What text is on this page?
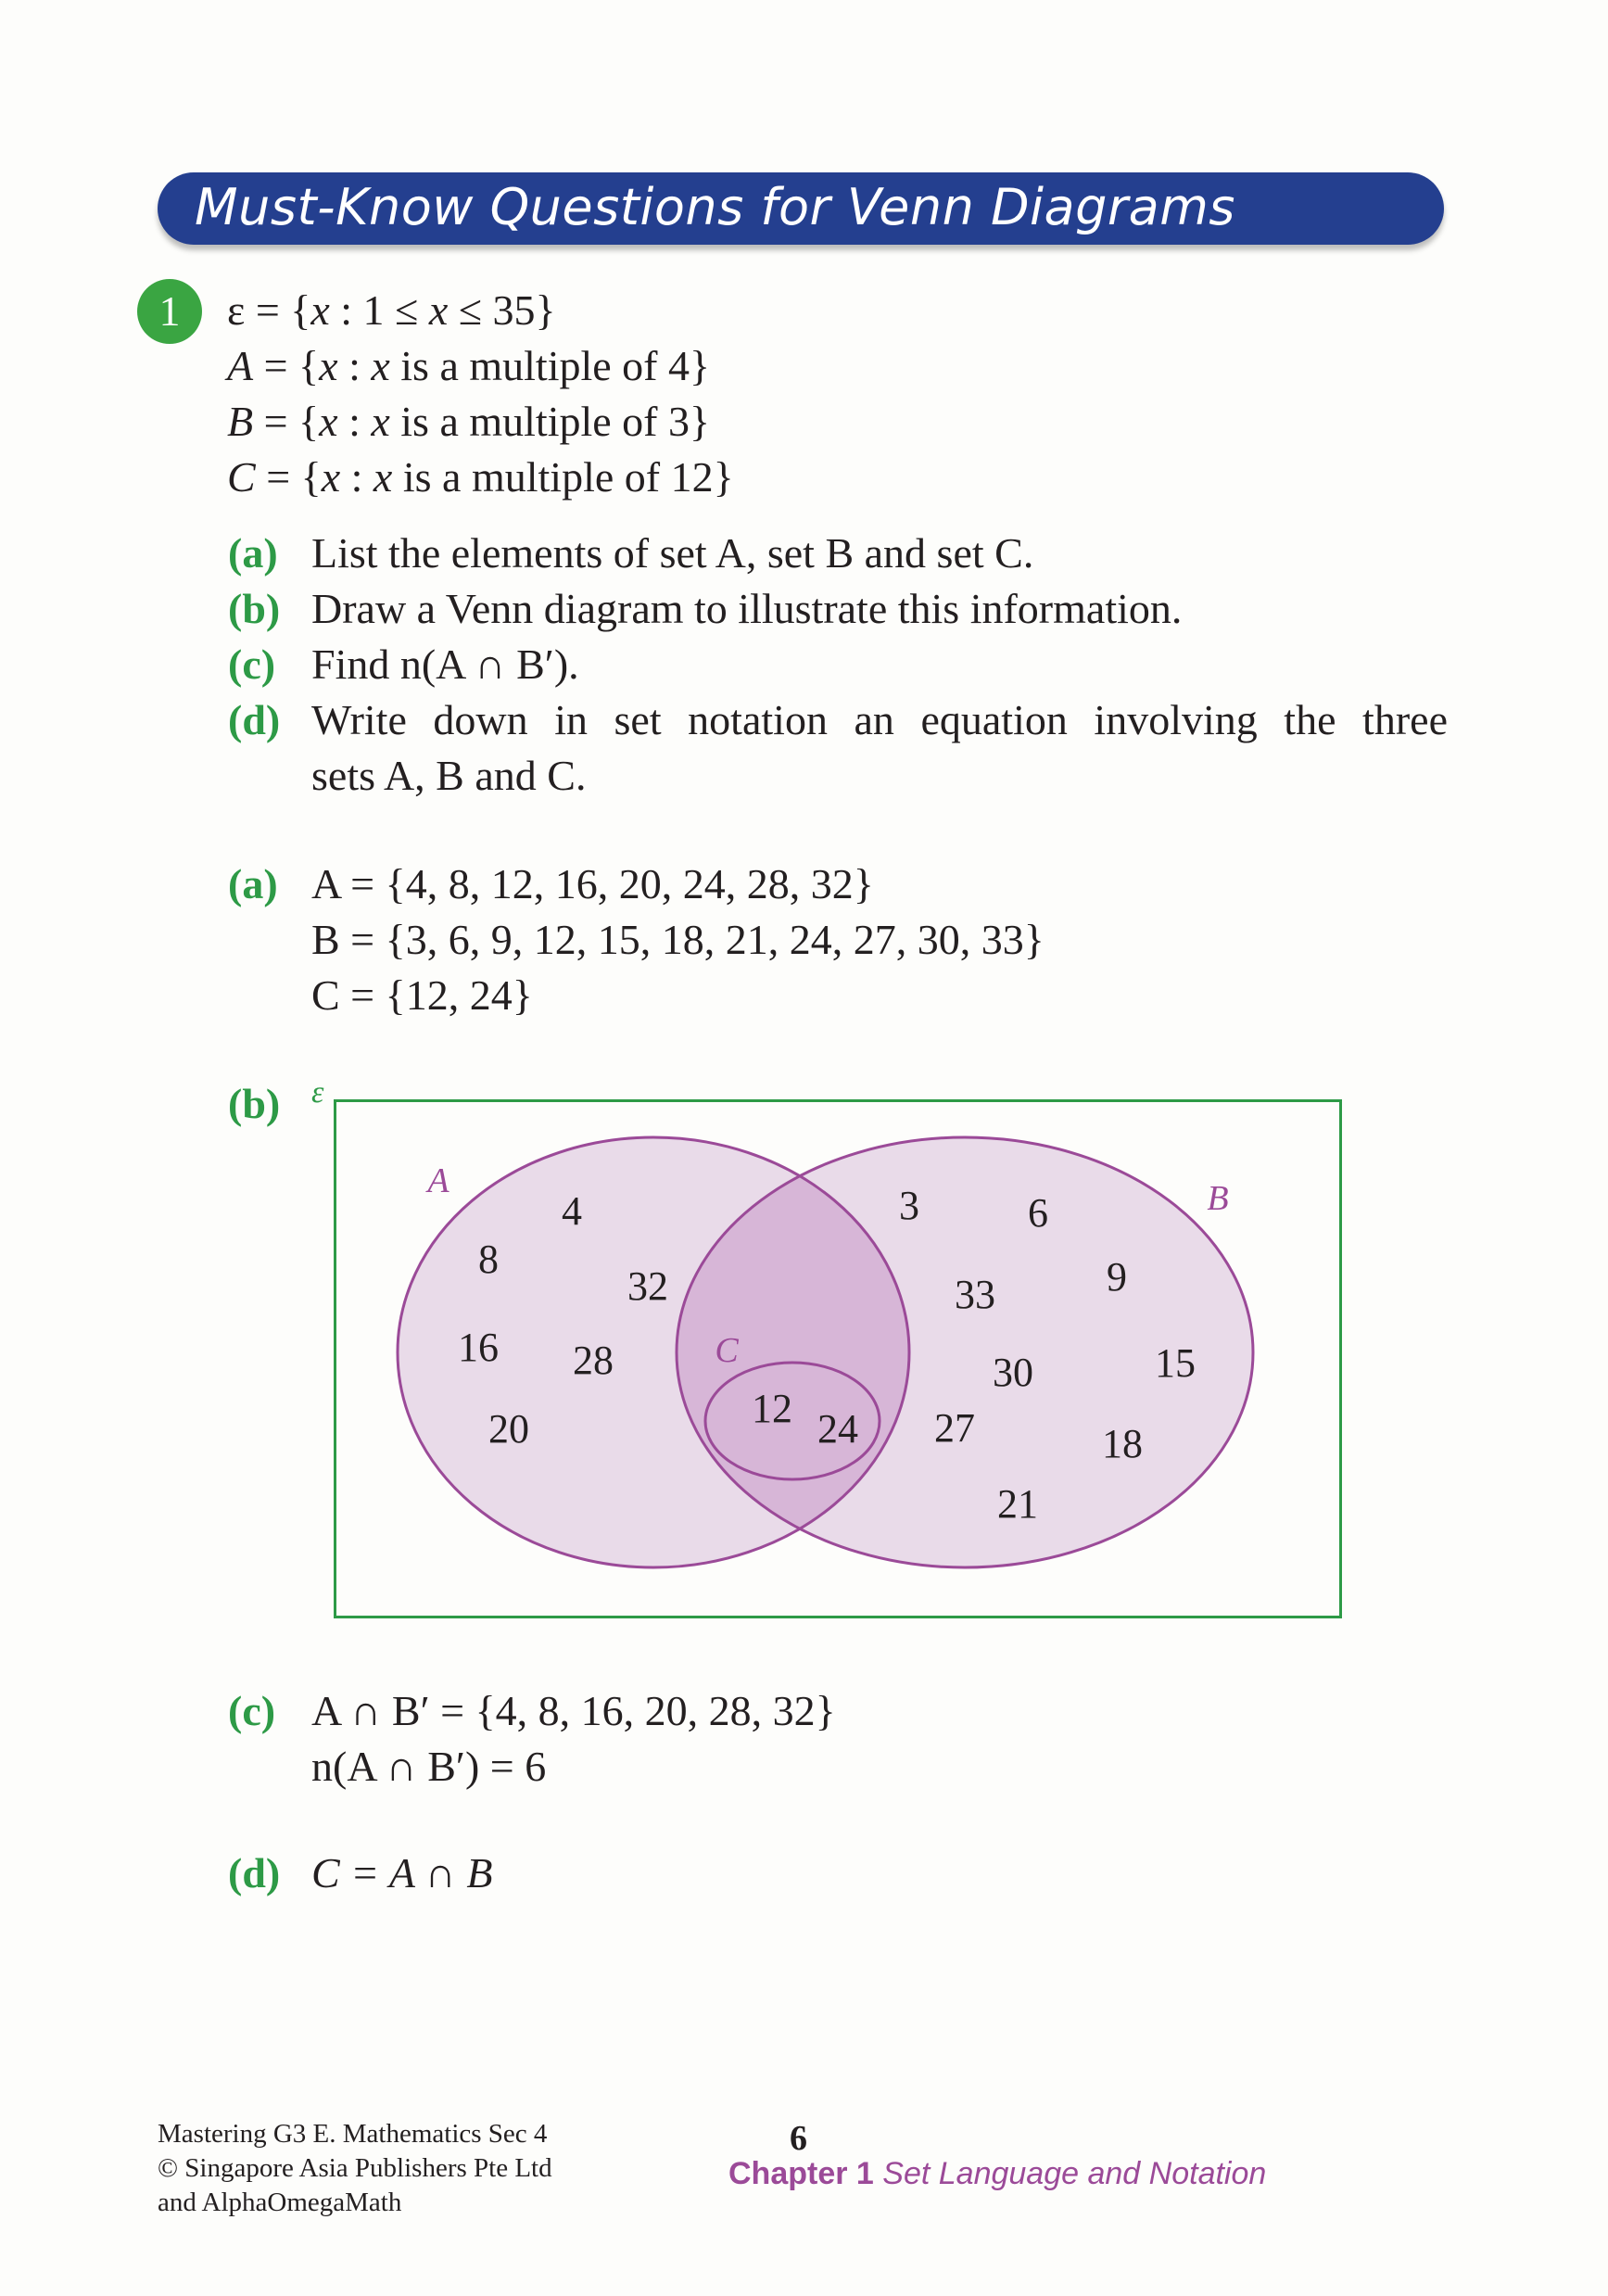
Must-Know Questions for Venn Diagrams
1	ε = {x : 1 ≤ x ≤ 35}
A = {x : x is a multiple of 4}
B = {x : x is a multiple of 3}
C = {x : x is a multiple of 12}
(a) List the elements of set A, set B and set C.
(b) Draw a Venn diagram to illustrate this information.
(c) Find n(A ∩ B′).
(d) Write down in set notation an equation involving the three
sets A, B and C.
(a) A = {4, 8, 12, 16, 20, 24, 28, 32}
B = {3, 6, 9, 12, 15, 18, 21, 24, 27, 30, 33}
C = {12, 24}
(b) ε
A	B
C
4
8
32
16 28
20	12 24
3	6
9
33
30	15
27	18
21
(c) A ∩ B′ = {4, 8, 16, 20, 28, 32}
n(A ∩ B′) = 6
(d) C = A ∩ B
Mastering G3 E. Mathematics Sec 4
© Singapore Asia Publishers Pte Ltd
and AlphaOmegaMath
6
Chapter 1 Set Language and Notation
